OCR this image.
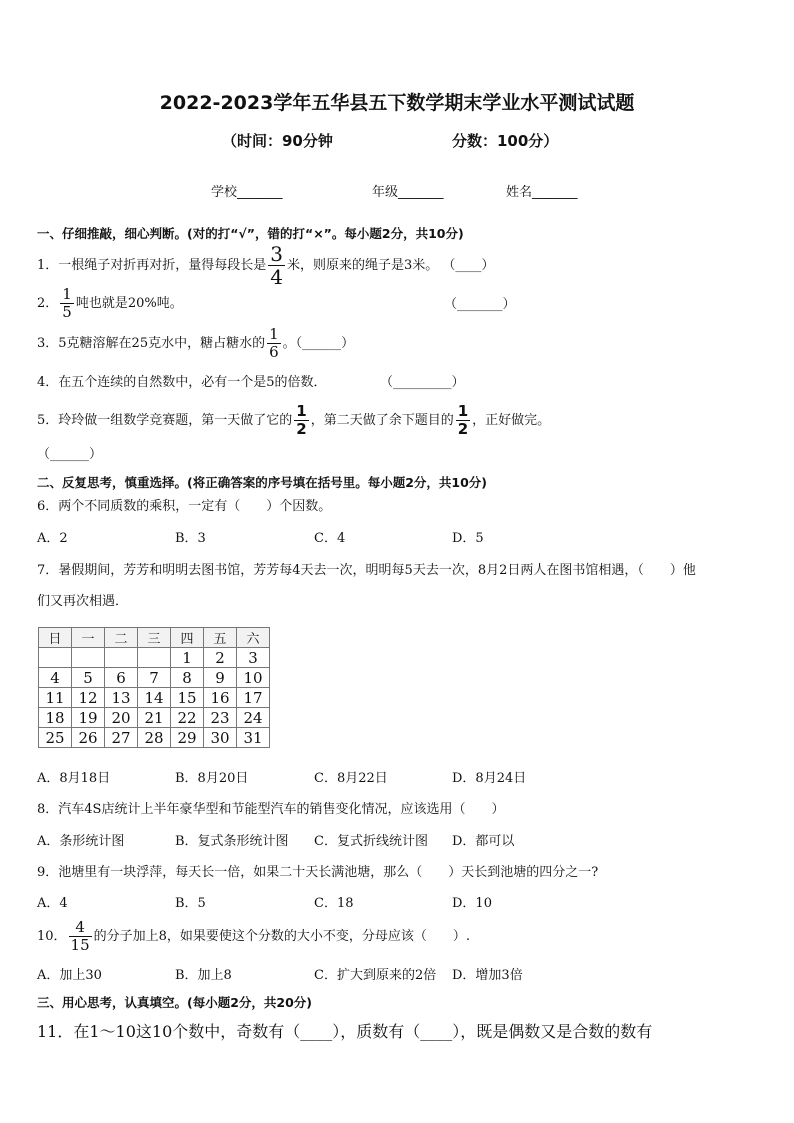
2022-2023学年五华县五下数学期末学业水平测试试题
（时间：90分钟	分数：100分）
学校_______	年级_______	姓名_______
一、仔细推敲，细心判断。(对的打“√”，错的打“×”。每小题2分，共10分)
1．一根绳子对折再对折，量得每段长是 $\frac{3}{4}$ 米，则原来的绳子是3米。 （____）
2． $\frac{1}{5}$ 吨也就是20%吨。	（_______）
3．5克糖溶解在25克水中，糖占糖水的 $\frac{1}{6}$ 。（______）
4．在五个连续的自然数中，必有一个是5的倍数．	（_________）
5．玲玲做一组数学竞赛题，第一天做了它的 $\frac{1}{2}$ ，第二天做了余下题目的 $\frac{1}{2}$ ，正好做完。
（______）
二、反复思考，慎重选择。(将正确答案的序号填在括号里。每小题2分，共10分)
6．两个不同质数的乘积，一定有（　　）个因数。
A．2	B．3	C．4	D．5
7．暑假期间，芳芳和明明去图书馆，芳芳每4天去一次，明明每5天去一次，8月2日两人在图书馆相遇，（　　）他
们又再次相遇．
日	一	二	三	四	五	六
				1	2	3
4	5	6	7	8	9	10
11	12	13	14	15	16	17
18	19	20	21	22	23	24
25	26	27	28	29	30	31
A．8月18日	B．8月20日	C．8月22日	D．8月24日
8．汽车4S店统计上半年豪华型和节能型汽车的销售变化情况，应该选用（　　）
A．条形统计图	B．复式条形统计图 C．复式折线统计图 D．都可以
9．池塘里有一块浮萍，每天长一倍，如果二十天长满池塘，那么（　　）天长到池塘的四分之一?
A．4	B．5	C．18	D．10
10． $\frac{4}{15}$ 的分子加上8，如果要使这个分数的大小不变，分母应该（　　）.
A．加上30	B．加上8	C．扩大到原来的2倍 D．增加3倍
三、用心思考，认真填空。(每小题2分，共20分)
11．在1～10这10个数中，奇数有（____），质数有（____），既是偶数又是合数的数有
